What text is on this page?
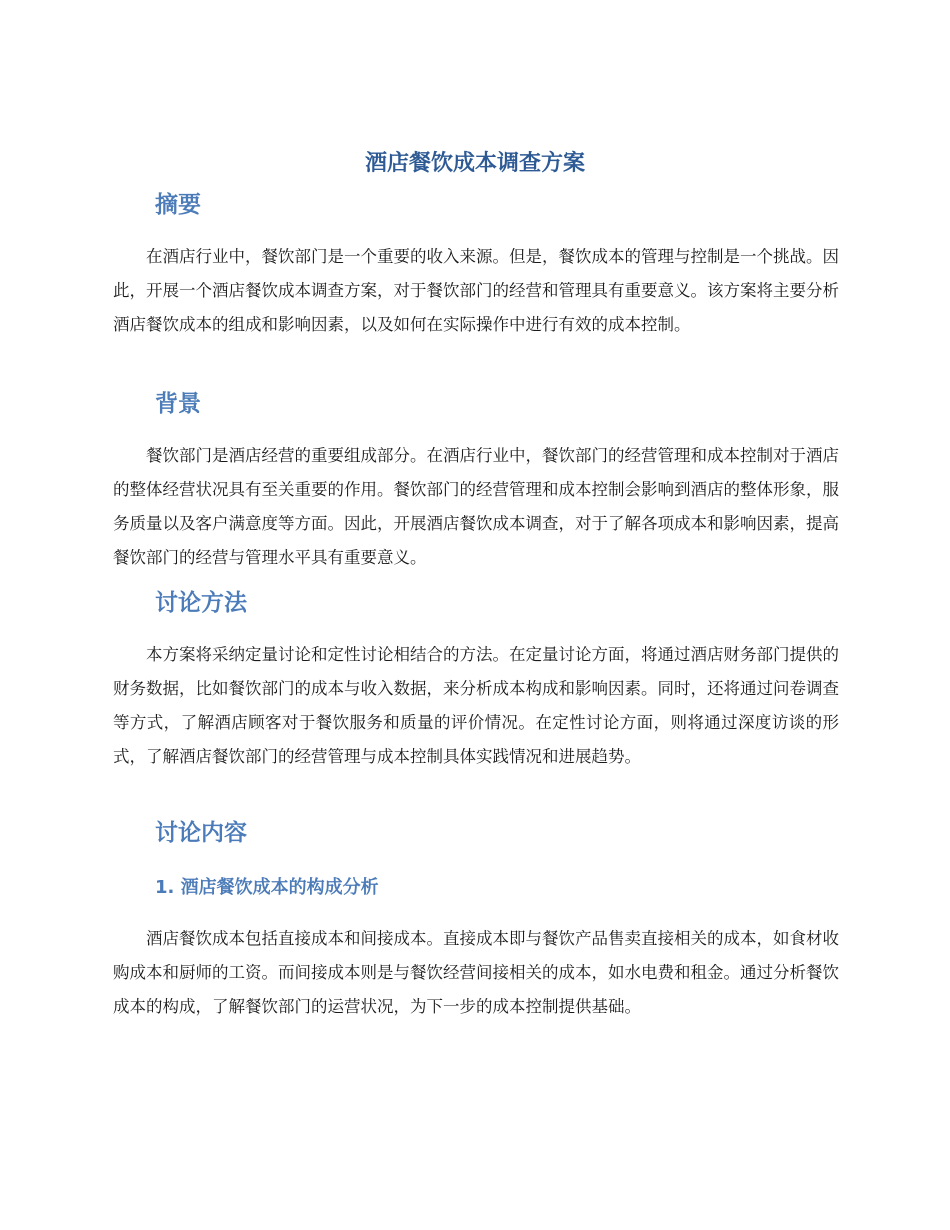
酒店餐饮成本调查方案
摘要

在酒店行业中，餐饮部门是一个重要的收入来源。但是，餐饮成本的管理与控制是一个挑战。因此，开展一个酒店餐饮成本调查方案，对于餐饮部门的经营和管理具有重要意义。该方案将主要分析酒店餐饮成本的组成和影响因素，以及如何在实际操作中进行有效的成本控制。

背景

餐饮部门是酒店经营的重要组成部分。在酒店行业中，餐饮部门的经营管理和成本控制对于酒店的整体经营状况具有至关重要的作用。餐饮部门的经营管理和成本控制会影响到酒店的整体形象，服务质量以及客户满意度等方面。因此，开展酒店餐饮成本调查，对于了解各项成本和影响因素，提高餐饮部门的经营与管理水平具有重要意义。

讨论方法

本方案将采纳定量讨论和定性讨论相结合的方法。在定量讨论方面，将通过酒店财务部门提供的财务数据，比如餐饮部门的成本与收入数据，来分析成本构成和影响因素。同时，还将通过问卷调查等方式，了解酒店顾客对于餐饮服务和质量的评价情况。在定性讨论方面，则将通过深度访谈的形式，了解酒店餐饮部门的经营管理与成本控制具体实践情况和进展趋势。

讨论内容
1. 酒店餐饮成本的构成分析

酒店餐饮成本包括直接成本和间接成本。直接成本即与餐饮产品售卖直接相关的成本，如食材收购成本和厨师的工资。而间接成本则是与餐饮经营间接相关的成本，如水电费和租金。通过分析餐饮成本的构成，了解餐饮部门的运营状况，为下一步的成本控制提供基础。
